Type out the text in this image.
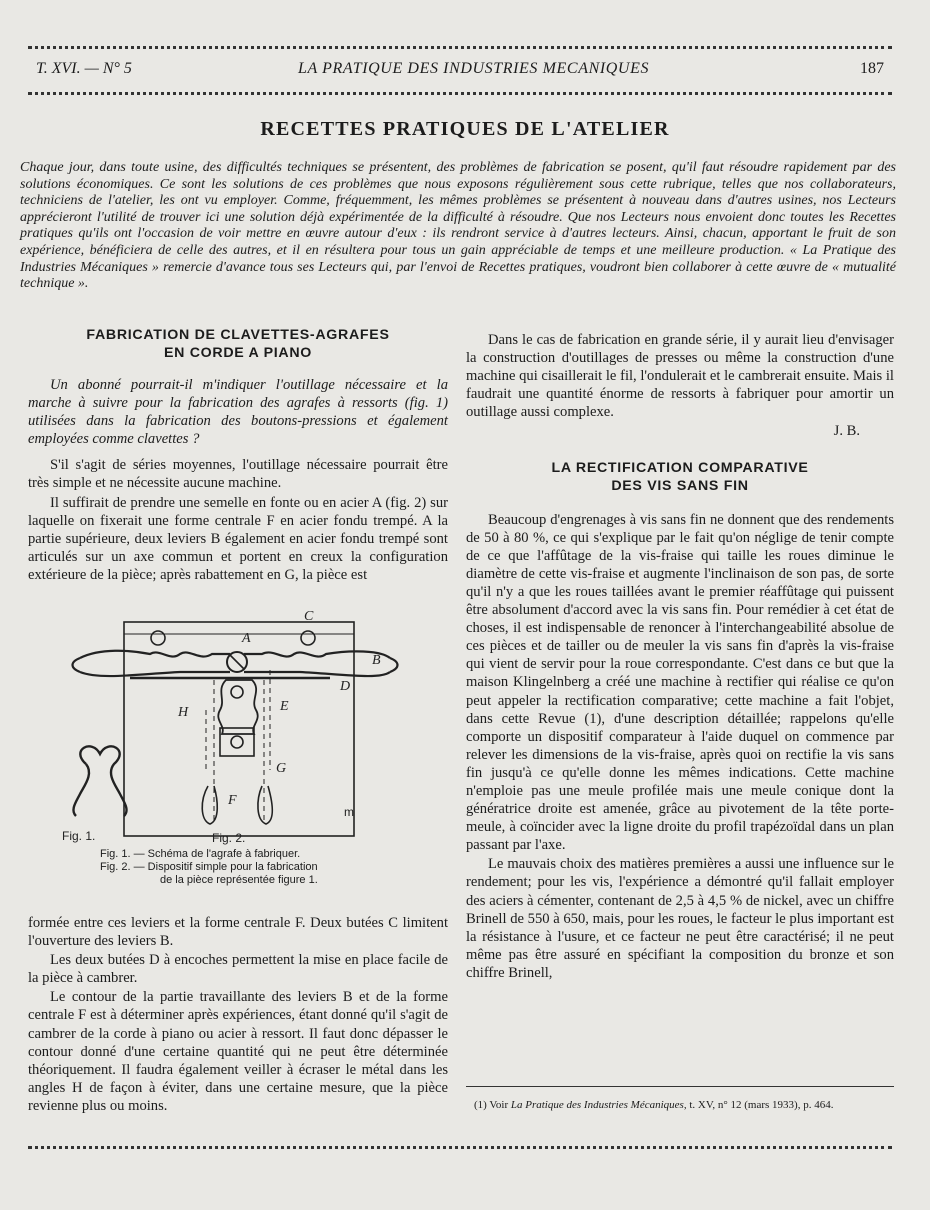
T. XVI. — N° 5	LA PRATIQUE DES INDUSTRIES MECANIQUES	187
RECETTES PRATIQUES DE L'ATELIER
Chaque jour, dans toute usine, des difficultés techniques se présentent, des problèmes de fabrication se posent, qu'il faut résoudre rapidement par des solutions économiques. Ce sont les solutions de ces problèmes que nous exposons régulièrement sous cette rubrique, telles que nos collaborateurs, techniciens de l'atelier, les ont vu employer. Comme, fréquemment, les mêmes problèmes se présentent à nouveau dans d'autres usines, nos Lecteurs apprécieront l'utilité de trouver ici une solution déjà expérimentée de la difficulté à résoudre. Que nos Lecteurs nous envoient donc toutes les Recettes pratiques qu'ils ont l'occasion de voir mettre en œuvre autour d'eux : ils rendront service à d'autres lecteurs. Ainsi, chacun, apportant le fruit de son expérience, bénéficiera de celle des autres, et il en résultera pour tous un gain appréciable de temps et une meilleure production. « La Pratique des Industries Mécaniques » remercie d'avance tous ses Lecteurs qui, par l'envoi de Recettes pratiques, voudront bien collaborer à cette œuvre de « mutualité technique ».
FABRICATION DE CLAVETTES-AGRAFES
EN CORDE A PIANO

Un abonné pourrait-il m'indiquer l'outillage nécessaire et la marche à suivre pour la fabrication des agrafes à ressorts (fig. 1) utilisées dans la fabrication des boutons-pressions et également employées comme clavettes ?

S'il s'agit de séries moyennes, l'outillage nécessaire pourrait être très simple et ne nécessite aucune machine.

Il suffirait de prendre une semelle en fonte ou en acier A (fig. 2) sur laquelle on fixerait une forme centrale F en acier fondu trempé. A la partie supérieure, deux leviers B également en acier fondu trempé sont articulés sur un axe commun et portent en creux la configuration extérieure de la pièce; après rabattement en G, la pièce est

C
A
B
D
E
H
G
F
Fig. 1.	Fig. 2.
m
Fig. 1. — Schéma de l'agrafe à fabriquer.
Fig. 2. — Dispositif simple pour la fabrication
de la pièce représentée figure 1.

formée entre ces leviers et la forme centrale F. Deux butées C limitent l'ouverture des leviers B.

Les deux butées D à encoches permettent la mise en place facile de la pièce à cambrer.

Le contour de la partie travaillante des leviers B et de la forme centrale F est à déterminer après expériences, étant donné qu'il s'agit de cambrer de la corde à piano ou acier à ressort. Il faut donc dépasser le contour donné d'une certaine quantité qui ne peut être déterminée théoriquement. Il faudra également veiller à écraser le métal dans les angles H de façon à éviter, dans une certaine mesure, que la pièce revienne plus ou moins.

Dans le cas de fabrication en grande série, il y aurait lieu d'envisager la construction d'outillages de presses ou même la construction d'une machine qui cisaillerait le fil, l'ondulerait et le cambrerait ensuite. Mais il faudrait une quantité énorme de ressorts à fabriquer pour amortir un outillage aussi complexe.

J. B.

LA RECTIFICATION COMPARATIVE
DES VIS SANS FIN

Beaucoup d'engrenages à vis sans fin ne donnent que des rendements de 50 à 80 %, ce qui s'explique par le fait qu'on néglige de tenir compte de ce que l'affûtage de la vis-fraise qui taille les roues diminue le diamètre de cette vis-fraise et augmente l'inclinaison de son pas, de sorte qu'il n'y a que les roues taillées avant le premier réaffûtage qui puissent être absolument d'accord avec la vis sans fin. Pour remédier à cet état de choses, il est indispensable de renoncer à l'interchangeabilité absolue de ces pièces et de tailler ou de meuler la vis sans fin d'après la vis-fraise qui vient de servir pour la roue correspondante. C'est dans ce but que la maison Klingelnberg a créé une machine à rectifier qui réalise ce qu'on peut appeler la rectification comparative; cette machine a fait l'objet, dans cette Revue (1), d'une description détaillée; rappelons qu'elle comporte un dispositif comparateur à l'aide duquel on commence par relever les dimensions de la vis-fraise, après quoi on rectifie la vis sans fin jusqu'à ce qu'elle donne les mêmes indications. Cette machine n'emploie pas une meule profilée mais une meule conique dont la génératrice droite est amenée, grâce au pivotement de la tête porte-meule, à coïncider avec la ligne droite du profil trapézoïdal dans un plan passant par l'axe.

Le mauvais choix des matières premières a aussi une influence sur le rendement; pour les vis, l'expérience a démontré qu'il fallait employer des aciers à cémenter, contenant de 2,5 à 4,5 % de nickel, avec un chiffre Brinell de 550 à 650, mais, pour les roues, le facteur le plus important est la résistance à l'usure, et ce facteur ne peut être caractérisé; il ne peut même pas être assuré en spécifiant la composition du bronze et son chiffre Brinell,

(1) Voir La Pratique des Industries Mécaniques, t. XV, n° 12 (mars 1933), p. 464.
